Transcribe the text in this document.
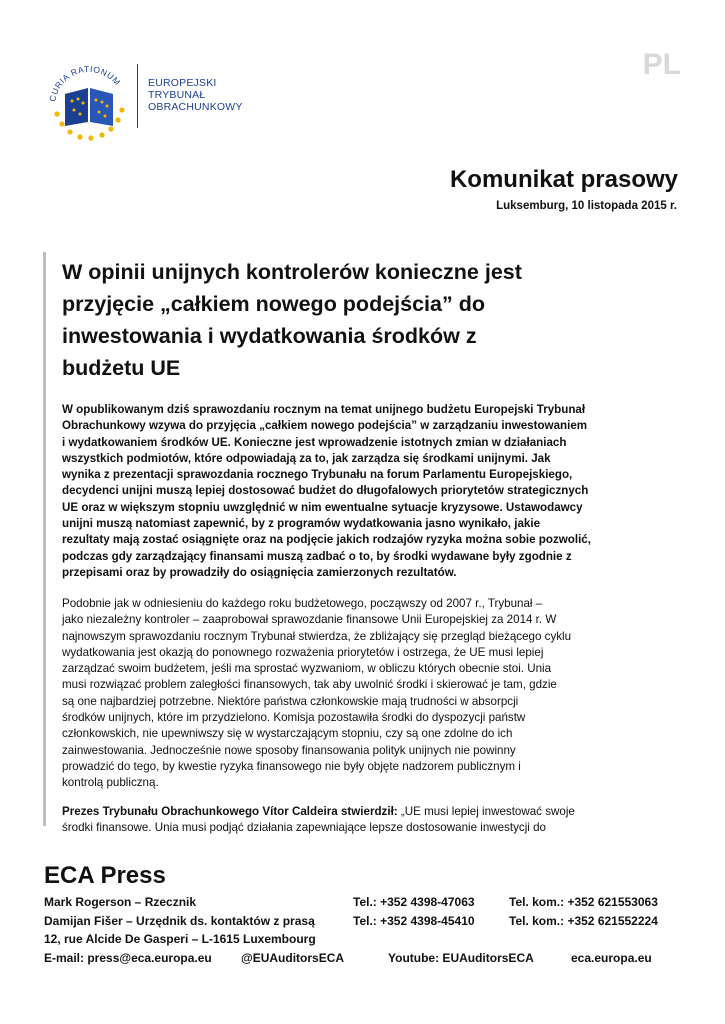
CURIA RATIONUM EUROPEJSKI
TRYBUNAŁ
OBRACHUNKOWY
PL
Komunikat prasowy
Luksemburg, 10 listopada 2015 r.
W opinii unijnych kontrolerów konieczne jest
przyjęcie „całkiem nowego podejścia” do
inwestowania i wydatkowania środków z
budżetu UE
W opublikowanym dziś sprawozdaniu rocznym na temat unijnego budżetu Europejski Trybunał
Obrachunkowy wzywa do przyjęcia „całkiem nowego podejścia” w zarządzaniu inwestowaniem
i wydatkowaniem środków UE. Konieczne jest wprowadzenie istotnych zmian w działaniach
wszystkich podmiotów, które odpowiadają za to, jak zarządza się środkami unijnymi. Jak
wynika z prezentacji sprawozdania rocznego Trybunału na forum Parlamentu Europejskiego,
decydenci unijni muszą lepiej dostosować budżet do długofalowych priorytetów strategicznych
UE oraz w większym stopniu uwzględnić w nim ewentualne sytuacje kryzysowe. Ustawodawcy
unijni muszą natomiast zapewnić, by z programów wydatkowania jasno wynikało, jakie
rezultaty mają zostać osiągnięte oraz na podjęcie jakich rodzajów ryzyka można sobie pozwolić,
podczas gdy zarządzający finansami muszą zadbać o to, by środki wydawane były zgodnie z
przepisami oraz by prowadziły do osiągnięcia zamierzonych rezultatów.
Podobnie jak w odniesieniu do każdego roku budżetowego, począwszy od 2007 r., Trybunał –
jako niezależny kontroler – zaaprobował sprawozdanie finansowe Unii Europejskiej za 2014 r. W
najnowszym sprawozdaniu rocznym Trybunał stwierdza, że zbliżający się przegląd bieżącego cyklu
wydatkowania jest okazją do ponownego rozważenia priorytetów i ostrzega, że UE musi lepiej
zarządzać swoim budżetem, jeśli ma sprostać wyzwaniom, w obliczu których obecnie stoi. Unia
musi rozwiązać problem zaległości finansowych, tak aby uwolnić środki i skierować je tam, gdzie
są one najbardziej potrzebne. Niektóre państwa członkowskie mają trudności w absorpcji
środków unijnych, które im przydzielono. Komisja pozostawiła środki do dyspozycji państw
członkowskich, nie upewniwszy się w wystarczającym stopniu, czy są one zdolne do ich
zainwestowania. Jednocześnie nowe sposoby finansowania polityk unijnych nie powinny
prowadzić do tego, by kwestie ryzyka finansowego nie były objęte nadzorem publicznym i
kontrolą publiczną.
Prezes Trybunału Obrachunkowego Vítor Caldeira stwierdził: „UE musi lepiej inwestować swoje
środki finansowe. Unia musi podjąć działania zapewniające lepsze dostosowanie inwestycji do
ECA Press
Mark Rogerson – Rzecznik	Tel.: +352 4398-47063	Tel. kom.: +352 621553063
Damijan Fišer – Urzędnik ds. kontaktów z prasą	Tel.: +352 4398-45410	Tel. kom.: +352 621552224
12, rue Alcide De Gasperi – L-1615 Luxembourg
E-mail: press@eca.europa.eu @EUAuditorsECA	Youtube: EUAuditorsECA	eca.europa.eu
